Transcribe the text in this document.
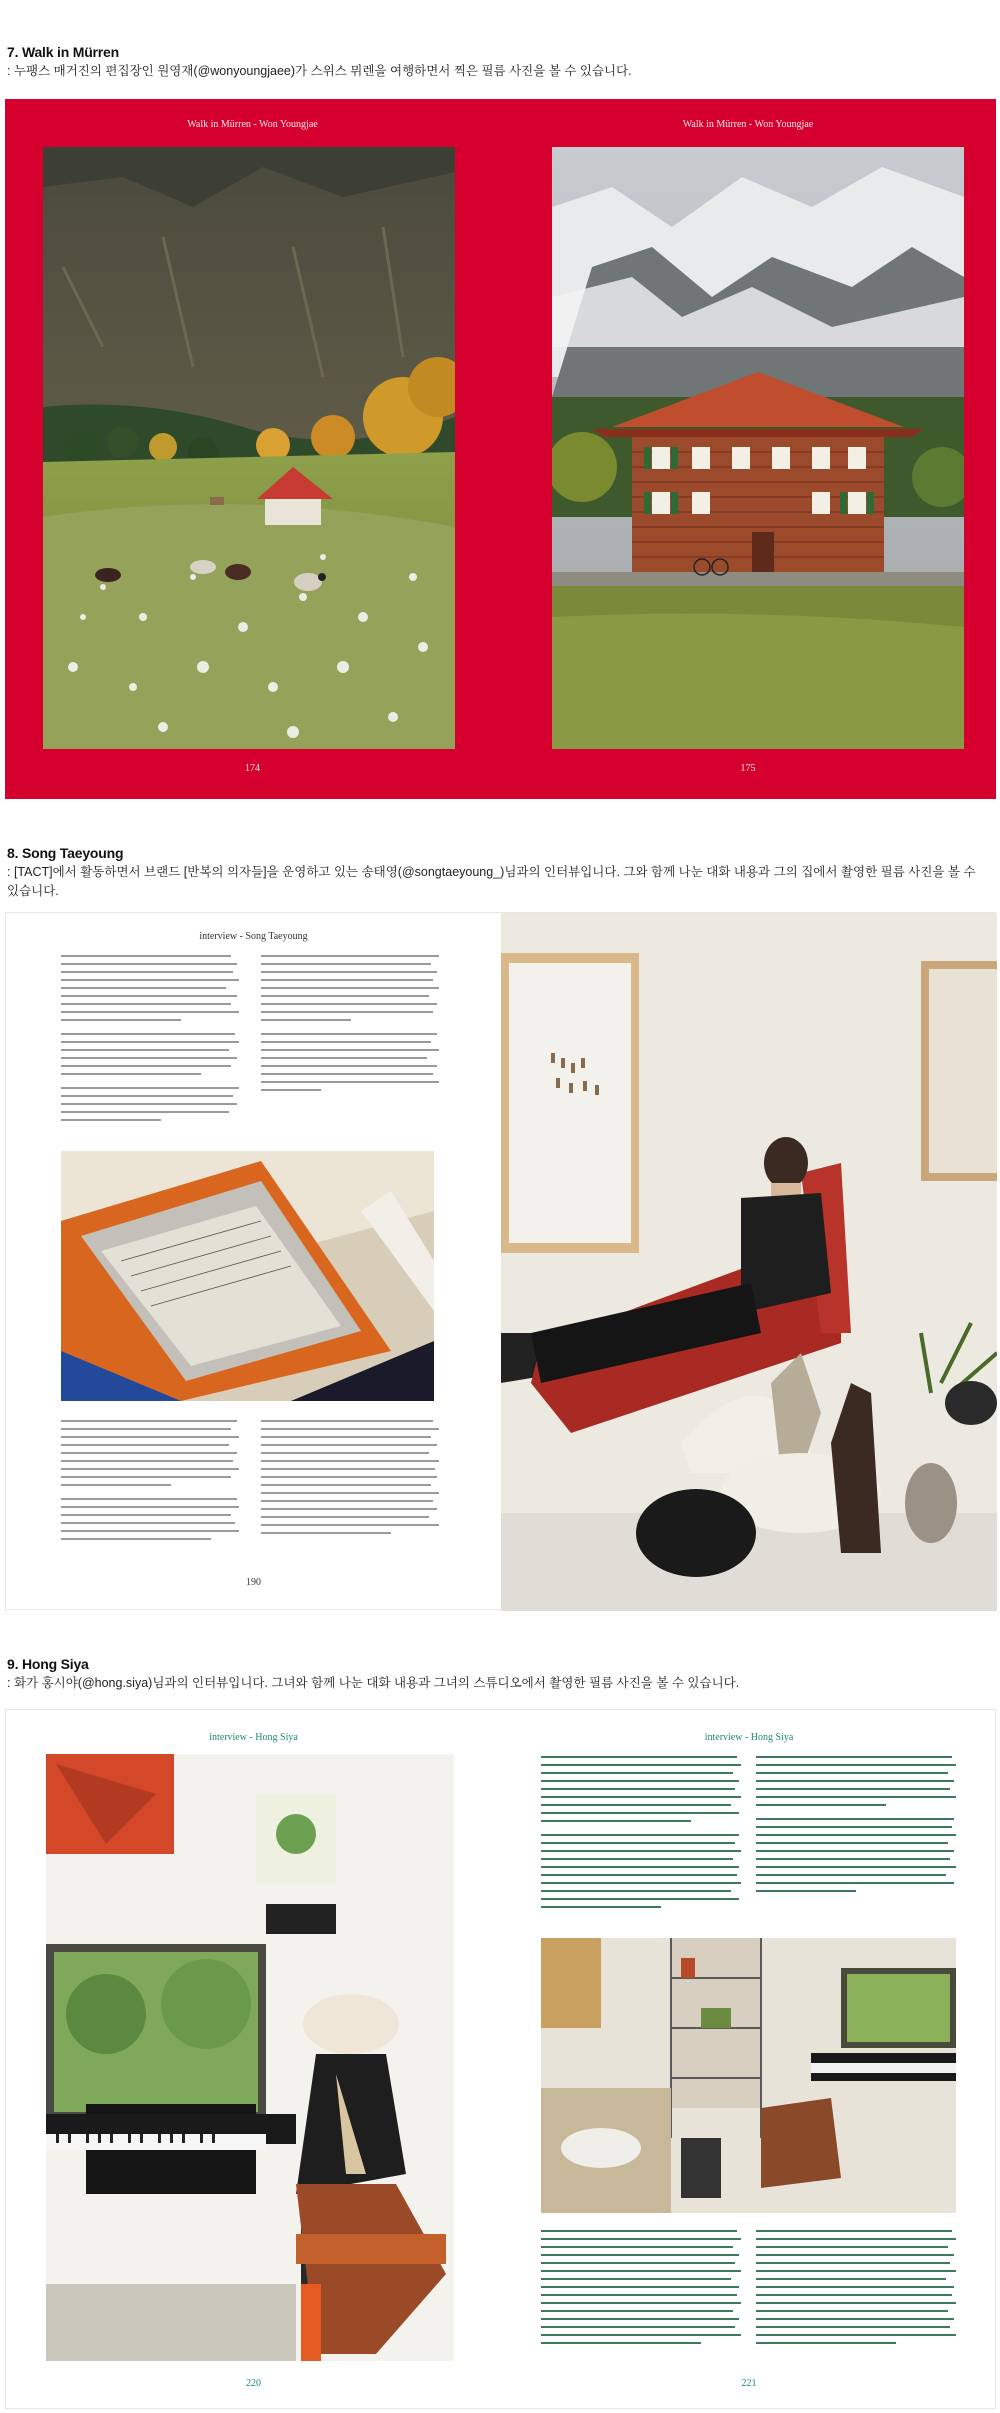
7. Walk in Mürren
: 누팽스 매거진의 편집장인 원영재(@wonyoungjaee)가 스위스 뮈렌을 여행하면서 찍은 필름 사진을 볼 수 있습니다.
Walk in Mürren - Won Youngjae	Walk in Mürren - Won Youngjae
174	175
8. Song Taeyoung
: [TACT]에서 활동하면서 브랜드 [반복의 의자들]을 운영하고 있는 송태영(@songtaeyoung_)님과의 인터뷰입니다. 그와 함께 나눈 대화 내용과 그의 집에서 촬영한 필름 사진을 볼 수 있습니다.
interview - Song Taeyoung
190
9. Hong Siya
: 화가 홍시야(@hong.siya)님과의 인터뷰입니다. 그녀와 함께 나눈 대화 내용과 그녀의 스튜디오에서 촬영한 필름 사진을 볼 수 있습니다.
interview - Hong Siya	interview - Hong Siya
220	221
